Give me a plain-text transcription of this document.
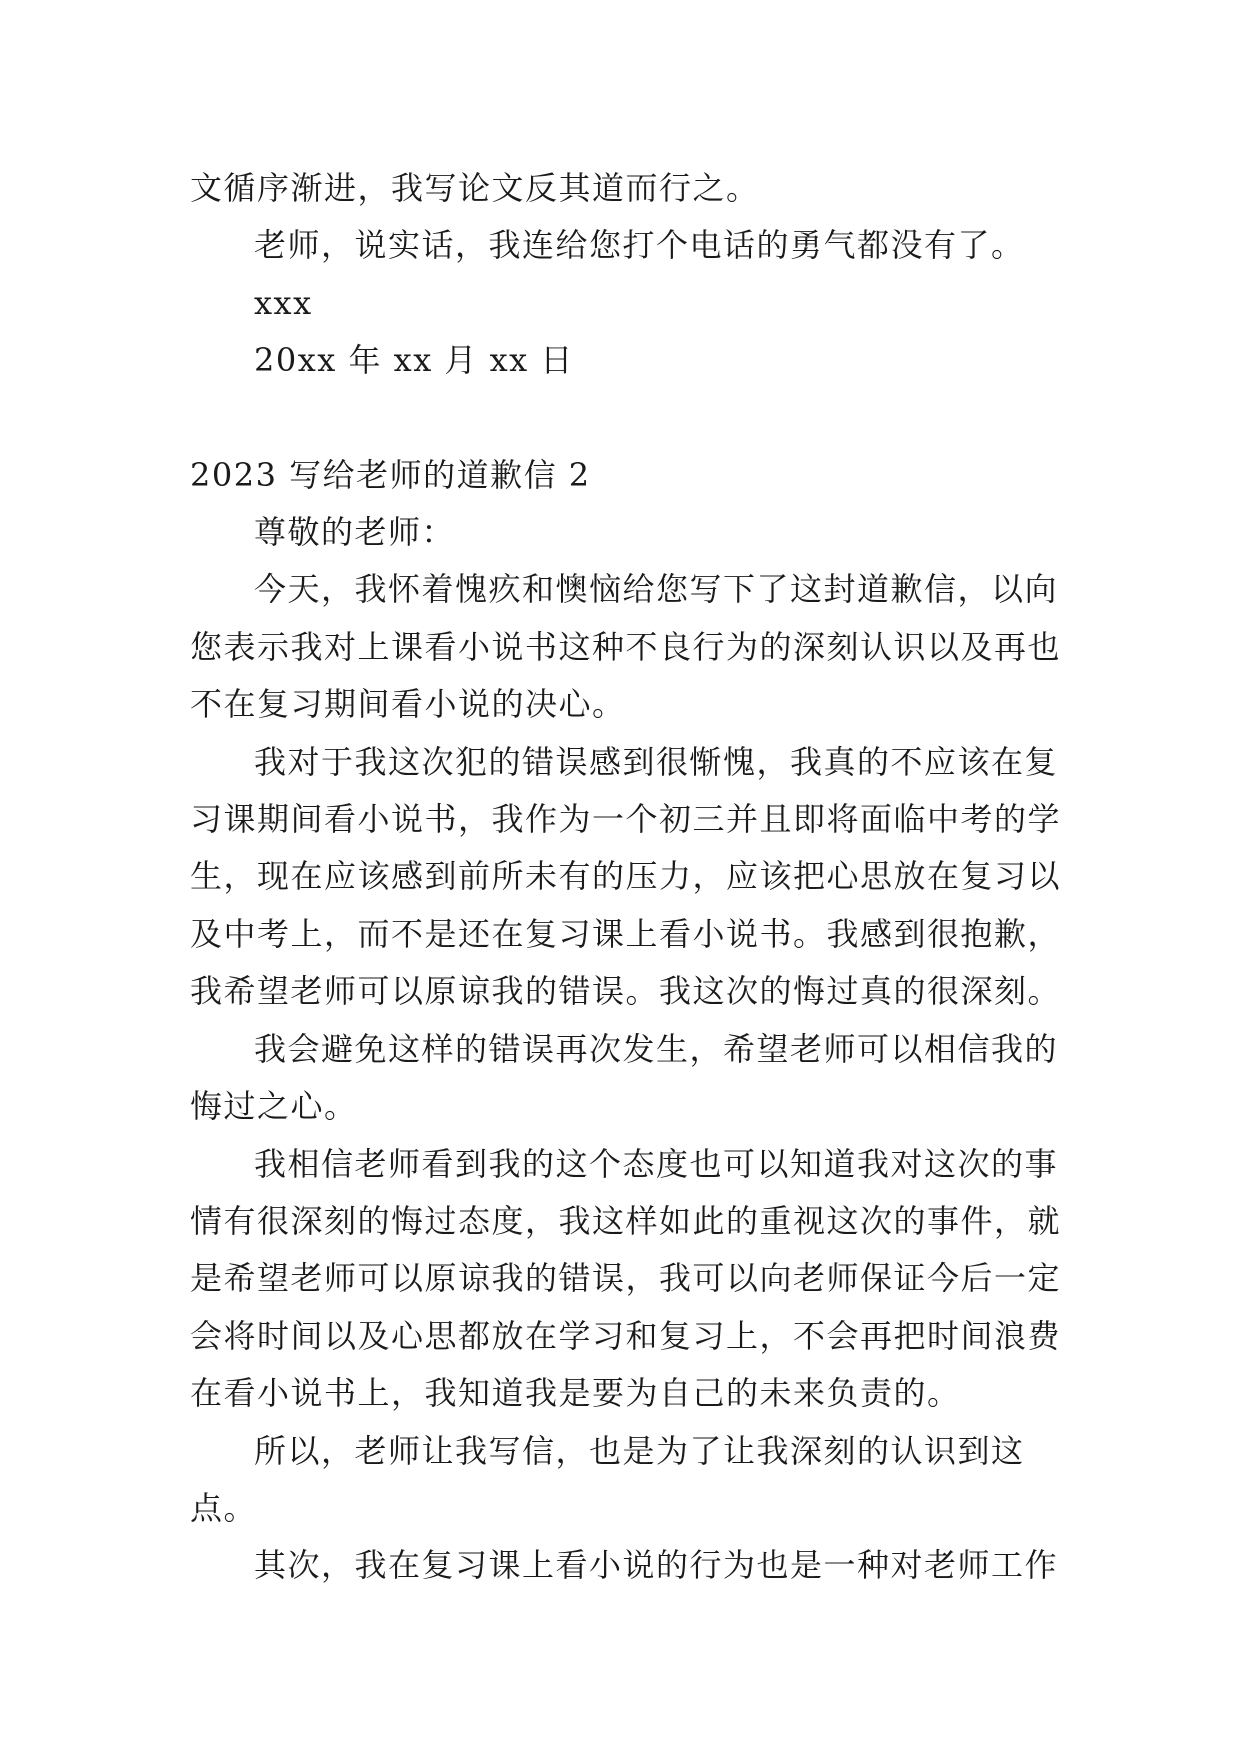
文循序渐进，我写论文反其道而行之。

老师，说实话，我连给您打个电话的勇气都没有了。

xxx

20xx 年 xx 月 xx 日

2023 写给老师的道歉信 2

尊敬的老师：

今天，我怀着愧疚和懊恼给您写下了这封道歉信，以向您表示我对上课看小说书这种不良行为的深刻认识以及再也不在复习期间看小说的决心。

我对于我这次犯的错误感到很惭愧，我真的不应该在复习课期间看小说书，我作为一个初三并且即将面临中考的学生，现在应该感到前所未有的压力，应该把心思放在复习以及中考上，而不是还在复习课上看小说书。我感到很抱歉，我希望老师可以原谅我的错误。我这次的悔过真的很深刻。

我会避免这样的错误再次发生，希望老师可以相信我的悔过之心。

我相信老师看到我的这个态度也可以知道我对这次的事情有很深刻的悔过态度，我这样如此的重视这次的事件，就是希望老师可以原谅我的错误，我可以向老师保证今后一定会将时间以及心思都放在学习和复习上，不会再把时间浪费在看小说书上，我知道我是要为自己的未来负责的。

所以，老师让我写信，也是为了让我深刻的认识到这点。

其次，我在复习课上看小说的行为也是一种对老师工作
